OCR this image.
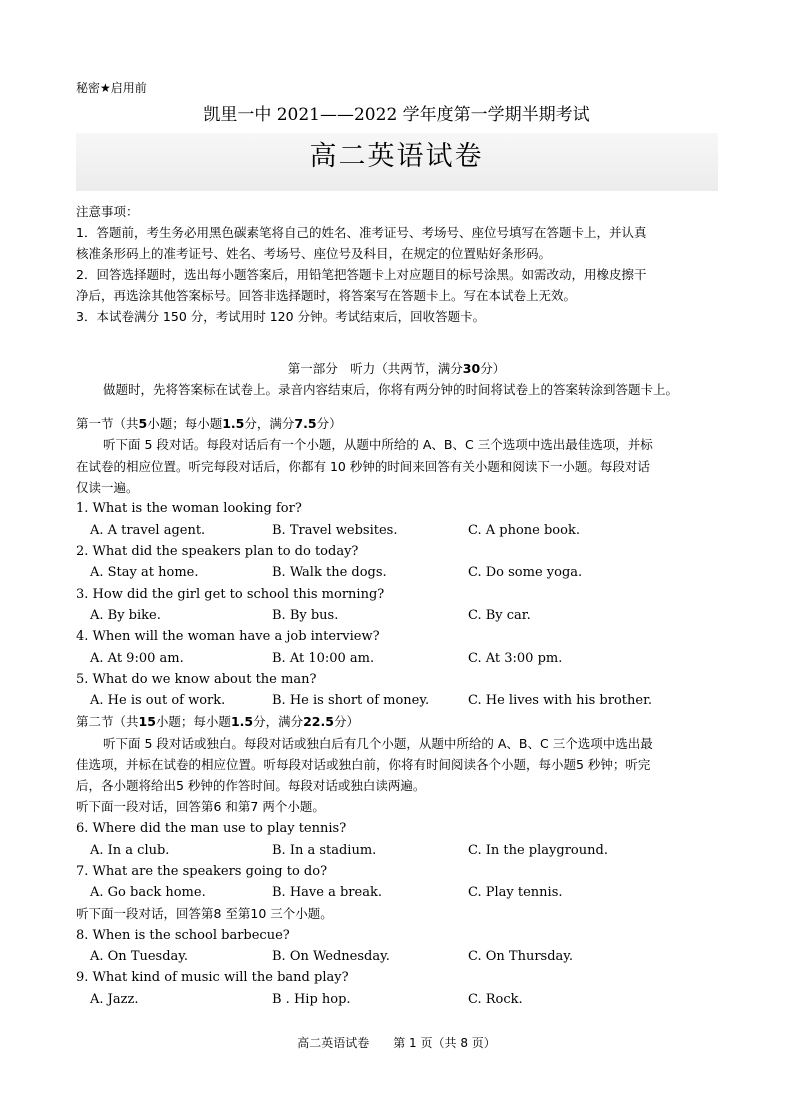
秘密★启用前
凯里一中 2021——2022 学年度第一学期半期考试
高二英语试卷
注意事项：
1．答题前，考生务必用黑色碳素笔将自己的姓名、准考证号、考场号、座位号填写在答题卡上，并认真
核准条形码上的准考证号、姓名、考场号、座位号及科目，在规定的位置贴好条形码。
2．回答选择题时，选出每小题答案后，用铅笔把答题卡上对应题目的标号涂黑。如需改动，用橡皮擦干
净后，再选涂其他答案标号。回答非选择题时，将答案写在答题卡上。写在本试卷上无效。
3．本试卷满分 150 分，考试用时 120 分钟。考试结束后，回收答题卡。
第一部分　听力（共两节，满分30分）
做题时，先将答案标在试卷上。录音内容结束后，你将有两分钟的时间将试卷上的答案转涂到答题卡上。
第一节（共5小题；每小题1.5分，满分7.5分）
听下面 5 段对话。每段对话后有一个小题，从题中所给的 A、B、C 三个选项中选出最佳选项，并标
在试卷的相应位置。听完每段对话后，你都有 10 秒钟的时间来回答有关小题和阅读下一小题。每段对话
仅读一遍。
1. What is the woman looking for?
A. A travel agent.	B. Travel websites.	C. A phone book.
2. What did the speakers plan to do today?
A. Stay at home.	B. Walk the dogs.	C. Do some yoga.
3. How did the girl get to school this morning?
A. By bike.	B. By bus.	C. By car.
4. When will the woman have a job interview?
A. At 9:00 am.	B. At 10:00 am.	C. At 3:00 pm.
5. What do we know about the man?
A. He is out of work.	B. He is short of money.	C. He lives with his brother.
第二节（共15小题；每小题1.5分，满分22.5分）
听下面 5 段对话或独白。每段对话或独白后有几个小题，从题中所给的 A、B、C 三个选项中选出最
佳选项，并标在试卷的相应位置。听每段对话或独白前，你将有时间阅读各个小题，每小题5 秒钟；听完
后，各小题将给出5 秒钟的作答时间。每段对话或独白读两遍。
听下面一段对话，回答第6 和第7 两个小题。
6. Where did the man use to play tennis?
A. In a club.	B. In a stadium.	C. In the playground.
7. What are the speakers going to do?
A. Go back home.	B. Have a break.	C. Play tennis.
听下面一段对话，回答第8 至第10 三个小题。
8. When is the school barbecue?
A. On Tuesday.	B. On Wednesday.	C. On Thursday.
9. What kind of music will the band play?
A. Jazz.	B . Hip hop.	C. Rock.
高二英语试卷　　第 1 页（共 8 页）
